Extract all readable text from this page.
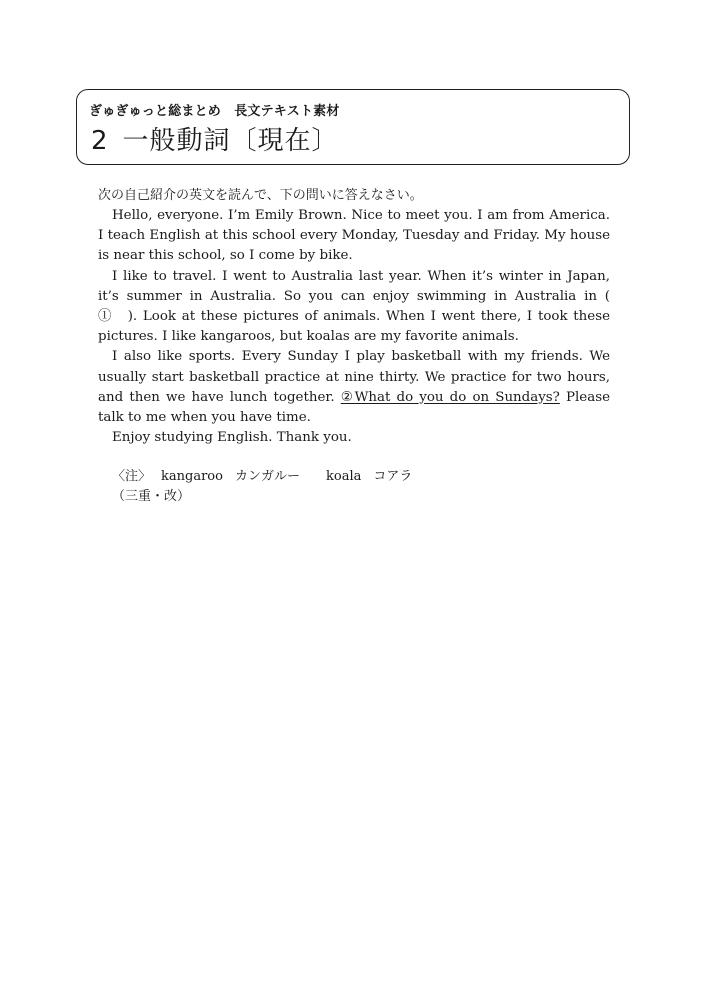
ぎゅぎゅっと総まとめ　長文テキスト素材
2 一般動詞〔現在〕
次の自己紹介の英文を読んで、下の問いに答えなさい。

Hello, everyone. I’m Emily Brown. Nice to meet you. I am from America. I teach English at this school every Monday, Tuesday and Friday. My house is near this school, so I come by bike.

I like to travel. I went to Australia last year. When it’s winter in Japan, it’s summer in Australia. So you can enjoy swimming in Australia in (　①　). Look at these pictures of animals. When I went there, I took these pictures. I like kangaroos, but koalas are my favorite animals.

I also like sports. Every Sunday I play basketball with my friends. We usually start basketball practice at nine thirty. We practice for two hours, and then we have lunch together. ②What do you do on Sundays? Please talk to me when you have time.

Enjoy studying English. Thank you.

〈注〉 kangaroo カンガルー koala コアラ
（三重・改）
